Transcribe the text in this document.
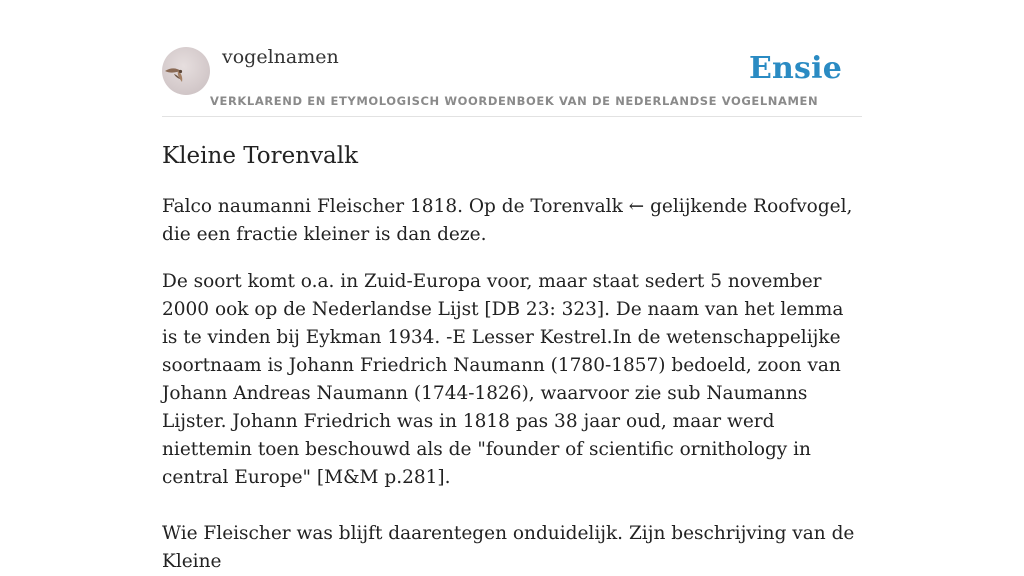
vogelnamen	Ensie
VERKLAREND EN ETYMOLOGISCH WOORDENBOEK VAN DE NEDERLANDSE VOGELNAMEN
Kleine Torenvalk

Falco naumanni Fleischer 1818. Op de Torenvalk ← gelijkende Roofvogel, die een fractie kleiner is dan deze.

De soort komt o.a. in Zuid-Europa voor, maar staat sedert 5 november 2000 ook op de Nederlandse Lijst [DB 23: 323]. De naam van het lemma is te vinden bij Eykman 1934. -E Lesser Kestrel.In de wetenschappelijke soortnaam is Johann Friedrich Naumann (1780-1857) bedoeld, zoon van Johann Andreas Naumann (1744-1826), waarvoor zie sub Naumanns Lijster. Johann Friedrich was in 1818 pas 38 jaar oud, maar werd niettemin toen beschouwd als de "founder of scientific ornithology in central Europe" [M&M p.281].

Wie Fleischer was blijft daarentegen onduidelijk. Zijn beschrijving van de Kleine
